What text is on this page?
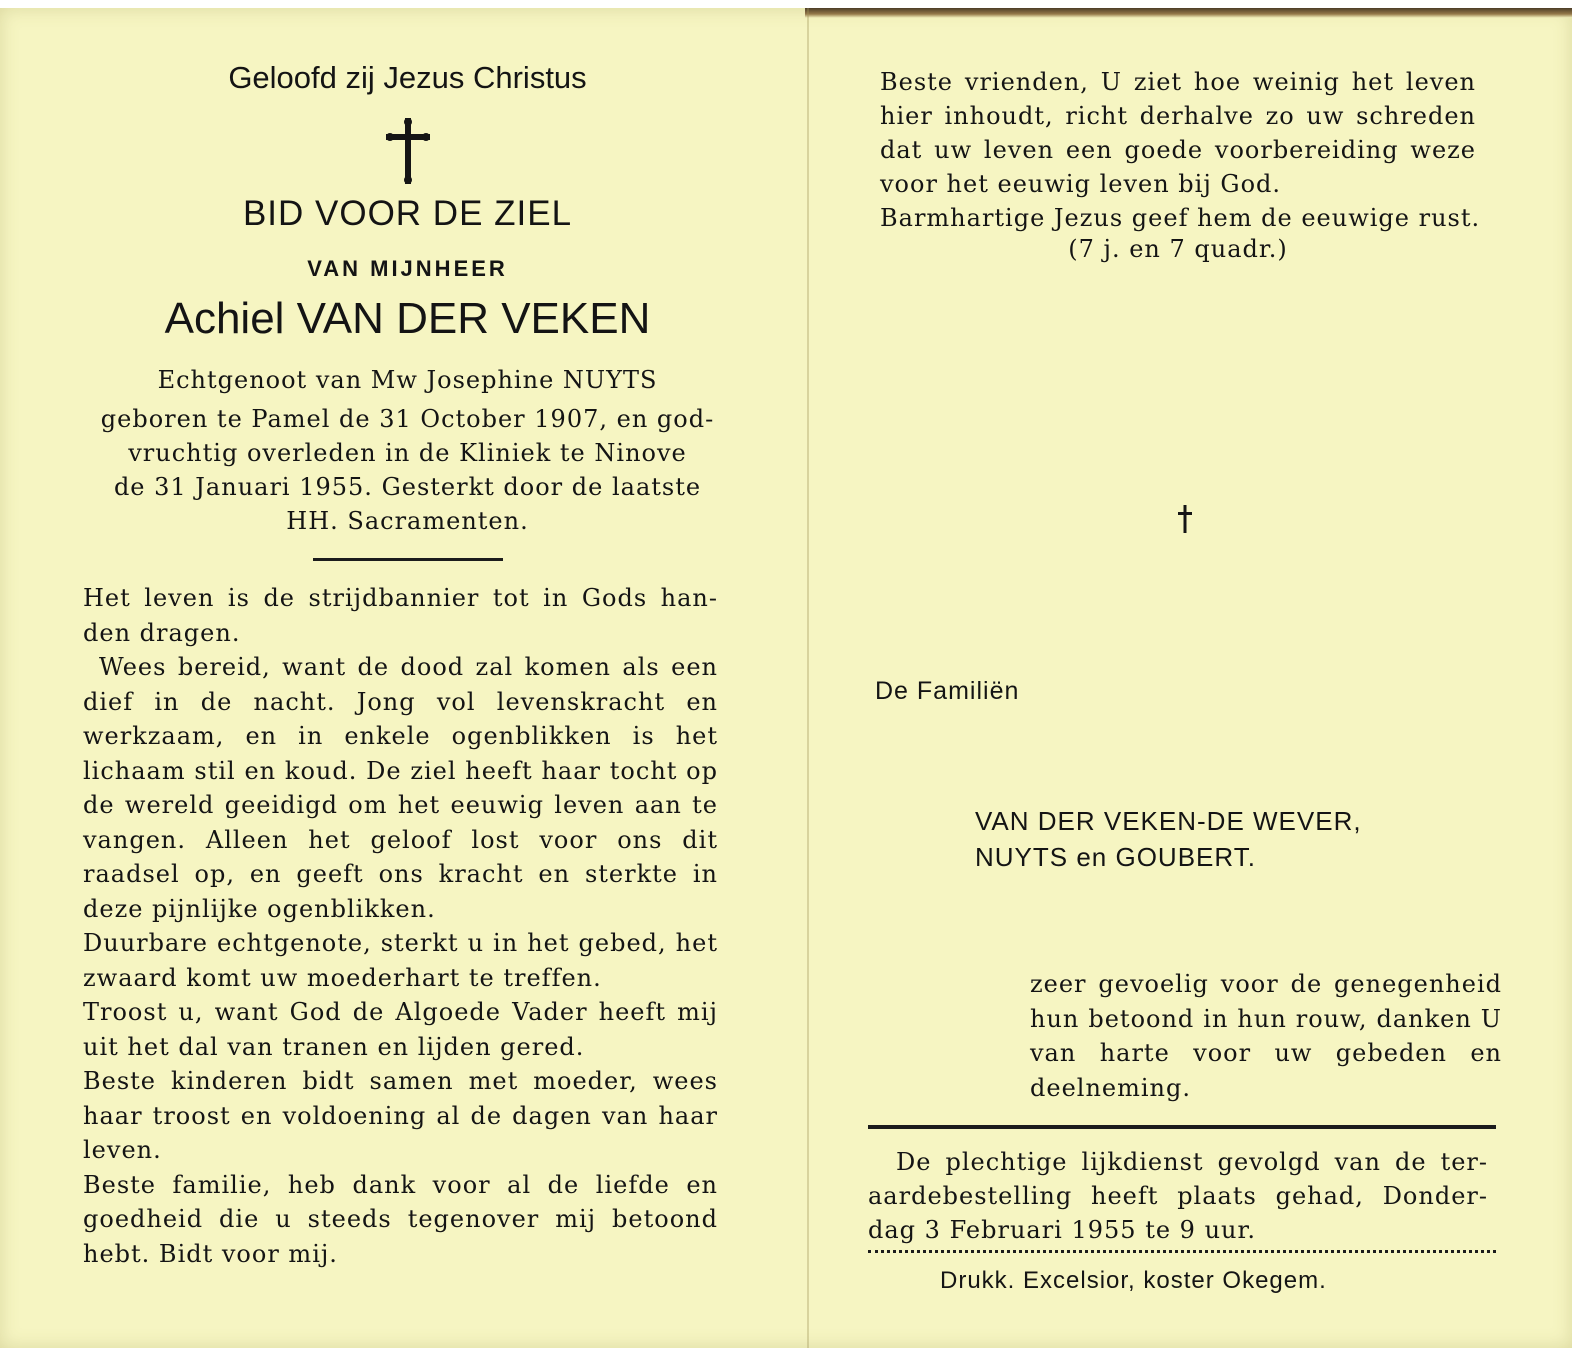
Geloofd zij Jezus Christus
BID VOOR DE ZIEL
VAN MIJNHEER
Achiel VAN DER VEKEN
Echtgenoot van Mw Josephine NUYTS
geboren te Pamel de 31 October 1907, en god-
vruchtig overleden in de Kliniek te Ninove
de 31 Januari 1955. Gesterkt door de laatste
HH. Sacramenten.

Het leven is de strijdbannier tot in Gods han-den dragen.

Wees bereid, want de dood zal komen als een dief in de nacht. Jong vol levenskracht en werkzaam, en in enkele ogenblikken is het lichaam stil en koud. De ziel heeft haar tocht op de wereld geeidigd om het eeuwig leven aan te vangen. Alleen het geloof lost voor ons dit raadsel op, en geeft ons kracht en sterkte in deze pijnlijke ogenblikken.

Duurbare echtgenote, sterkt u in het gebed, het zwaard komt uw moederhart te treffen.

Troost u, want God de Algoede Vader heeft mij uit het dal van tranen en lijden gered.

Beste kinderen bidt samen met moeder, wees haar troost en voldoening al de dagen van haar leven.

Beste familie, heb dank voor al de liefde en goedheid die u steeds tegenover mij betoond hebt. Bidt voor mij.

Beste vrienden, U ziet hoe weinig het leven hier inhoudt, richt derhalve zo uw schreden dat uw leven een goede voorbereiding weze voor het eeuwig leven bij God.

Barmhartige Jezus geef hem de eeuwige rust.

(7 j. en 7 quadr.)

De Familiën
VAN DER VEKEN-DE WEVER,
NUYTS en GOUBERT.

zeer gevoelig voor de genegenheid hun betoond in hun rouw, danken U van harte voor uw gebeden en deelneming.

De plechtige lijkdienst gevolgd van de ter-aardebestelling heeft plaats gehad, Donder-dag 3 Februari 1955 te 9 uur.

Drukk. Excelsior, koster Okegem.
